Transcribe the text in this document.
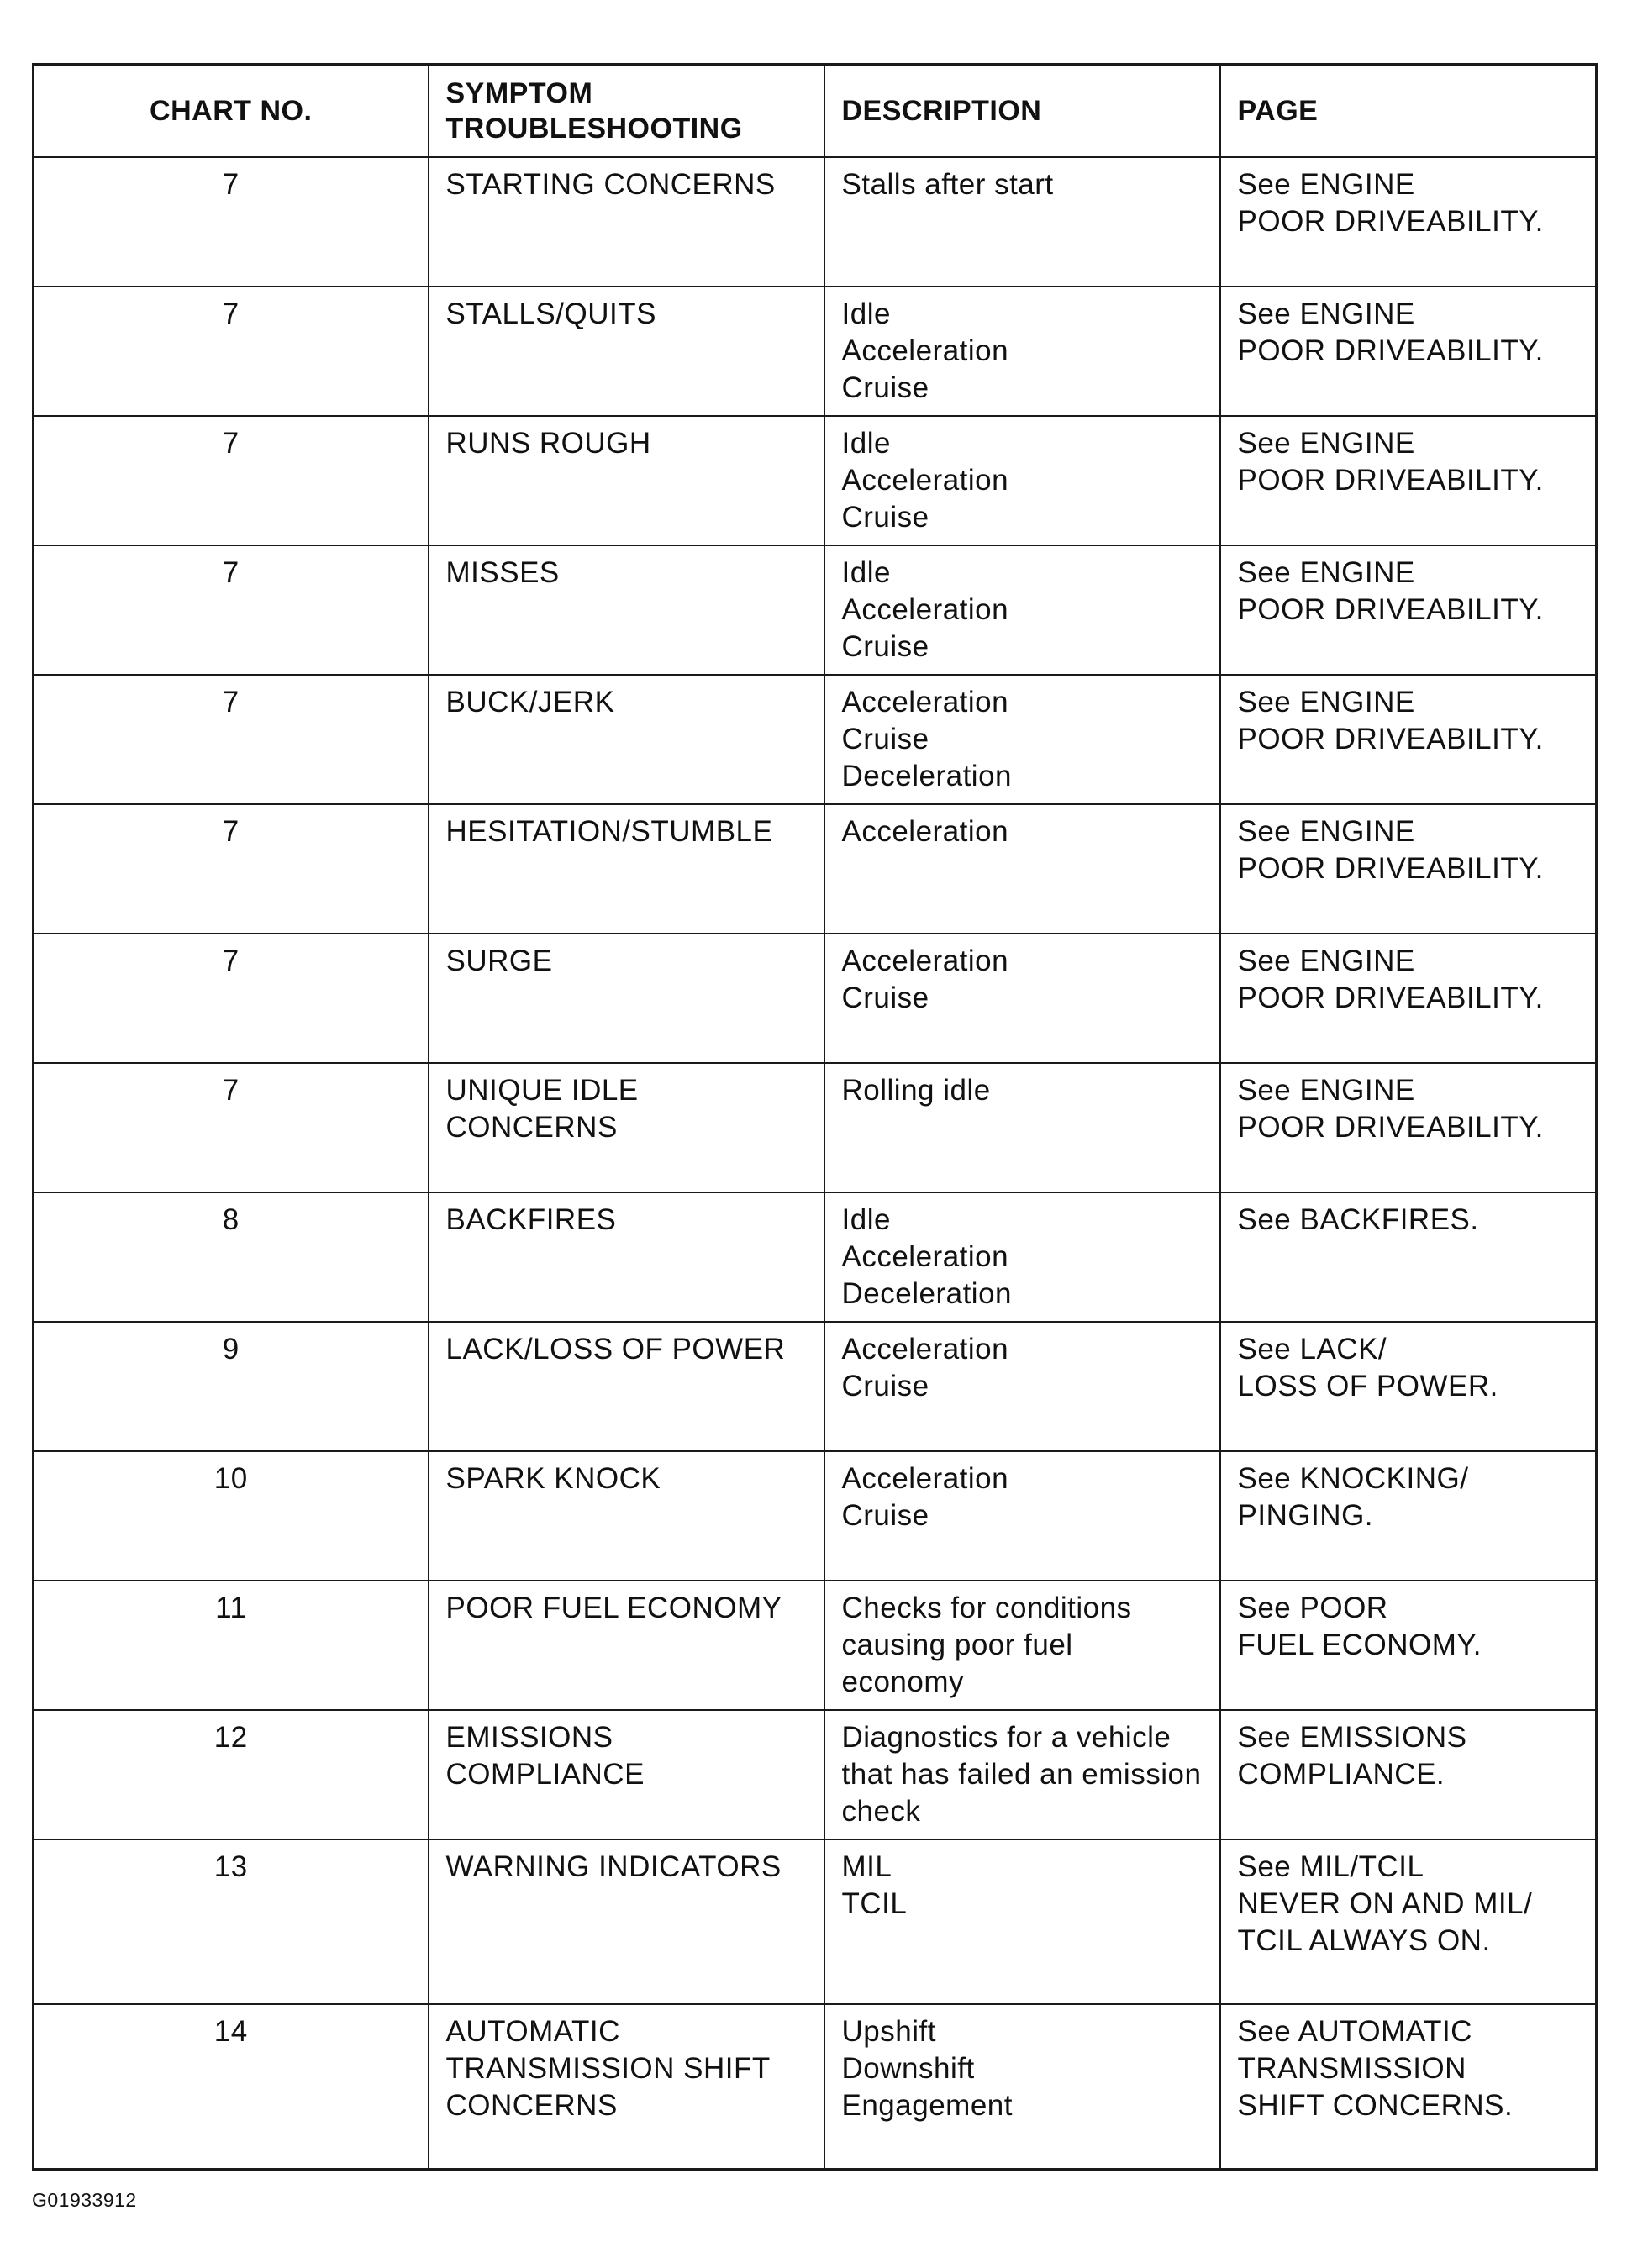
CHART NO.	SYMPTOM
TROUBLESHOOTING	DESCRIPTION	PAGE
7	STARTING CONCERNS	Stalls after start	See ENGINE
POOR DRIVEABILITY.
7	STALLS/QUITS	Idle
Acceleration
Cruise	See ENGINE
POOR DRIVEABILITY.
7	RUNS ROUGH	Idle
Acceleration
Cruise	See ENGINE
POOR DRIVEABILITY.
7	MISSES	Idle
Acceleration
Cruise	See ENGINE
POOR DRIVEABILITY.
7	BUCK/JERK	Acceleration
Cruise
Deceleration	See ENGINE
POOR DRIVEABILITY.
7	HESITATION/STUMBLE	Acceleration	See ENGINE
POOR DRIVEABILITY.
7	SURGE	Acceleration
Cruise	See ENGINE
POOR DRIVEABILITY.
7	UNIQUE IDLE
CONCERNS	Rolling idle	See ENGINE
POOR DRIVEABILITY.
8	BACKFIRES	Idle
Acceleration
Deceleration	See BACKFIRES.
9	LACK/LOSS OF POWER	Acceleration
Cruise	See LACK/
LOSS OF POWER.
10	SPARK KNOCK	Acceleration
Cruise	See KNOCKING/
PINGING.
11	POOR FUEL ECONOMY	Checks for conditions
causing poor fuel economy	See POOR
FUEL ECONOMY.
12	EMISSIONS
COMPLIANCE	Diagnostics for a vehicle
that has failed an emission
check	See EMISSIONS
COMPLIANCE.
13	WARNING INDICATORS	MIL
TCIL	See MIL/TCIL
NEVER ON AND MIL/
TCIL ALWAYS ON.
14	AUTOMATIC
TRANSMISSION SHIFT
CONCERNS	Upshift
Downshift
Engagement	See AUTOMATIC
TRANSMISSION
SHIFT CONCERNS.
G01933912
